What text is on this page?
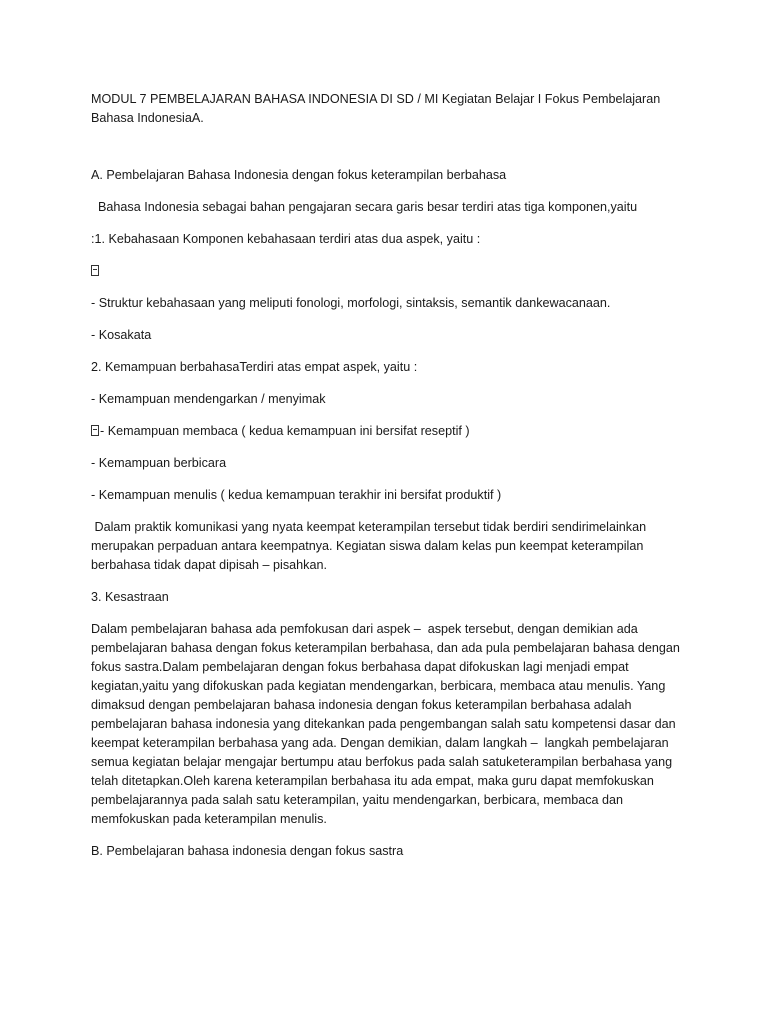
MODUL 7 PEMBELAJARAN BAHASA INDONESIA DI SD / MI Kegiatan Belajar I Fokus Pembelajaran Bahasa IndonesiaA.

A. Pembelajaran Bahasa Indonesia dengan fokus keterampilan berbahasa

Bahasa Indonesia sebagai bahan pengajaran secara garis besar terdiri atas tiga komponen,yaitu

:1. Kebahasaan Komponen kebahasaan terdiri atas dua aspek, yaitu :

- Struktur kebahasaan yang meliputi fonologi, morfologi, sintaksis, semantik dankewacanaan.

- Kosakata

2. Kemampuan berbahasaTerdiri atas empat aspek, yaitu :

- Kemampuan mendengarkan / menyimak

- Kemampuan membaca ( kedua kemampuan ini bersifat reseptif )

- Kemampuan berbicara

- Kemampuan menulis ( kedua kemampuan terakhir ini bersifat produktif )

Dalam praktik komunikasi yang nyata keempat keterampilan tersebut tidak berdiri sendirimelainkan merupakan perpaduan antara keempatnya. Kegiatan siswa dalam kelas pun keempat keterampilan berbahasa tidak dapat dipisah – pisahkan.

3. Kesastraan

Dalam pembelajaran bahasa ada pemfokusan dari aspek –  aspek tersebut, dengan demikian ada pembelajaran bahasa dengan fokus keterampilan berbahasa, dan ada pula pembelajaran bahasa dengan fokus sastra.Dalam pembelajaran dengan fokus berbahasa dapat difokuskan lagi menjadi empat kegiatan,yaitu yang difokuskan pada kegiatan mendengarkan, berbicara, membaca atau menulis. Yang dimaksud dengan pembelajaran bahasa indonesia dengan fokus keterampilan berbahasa adalah pembelajaran bahasa indonesia yang ditekankan pada pengembangan salah satu kompetensi dasar dan keempat keterampilan berbahasa yang ada. Dengan demikian, dalam langkah –  langkah pembelajaran semua kegiatan belajar mengajar bertumpu atau berfokus pada salah satuketerampilan berbahasa yang telah ditetapkan.Oleh karena keterampilan berbahasa itu ada empat, maka guru dapat memfokuskan pembelajarannya pada salah satu keterampilan, yaitu mendengarkan, berbicara, membaca dan memfokuskan pada keterampilan menulis.

B. Pembelajaran bahasa indonesia dengan fokus sastra
